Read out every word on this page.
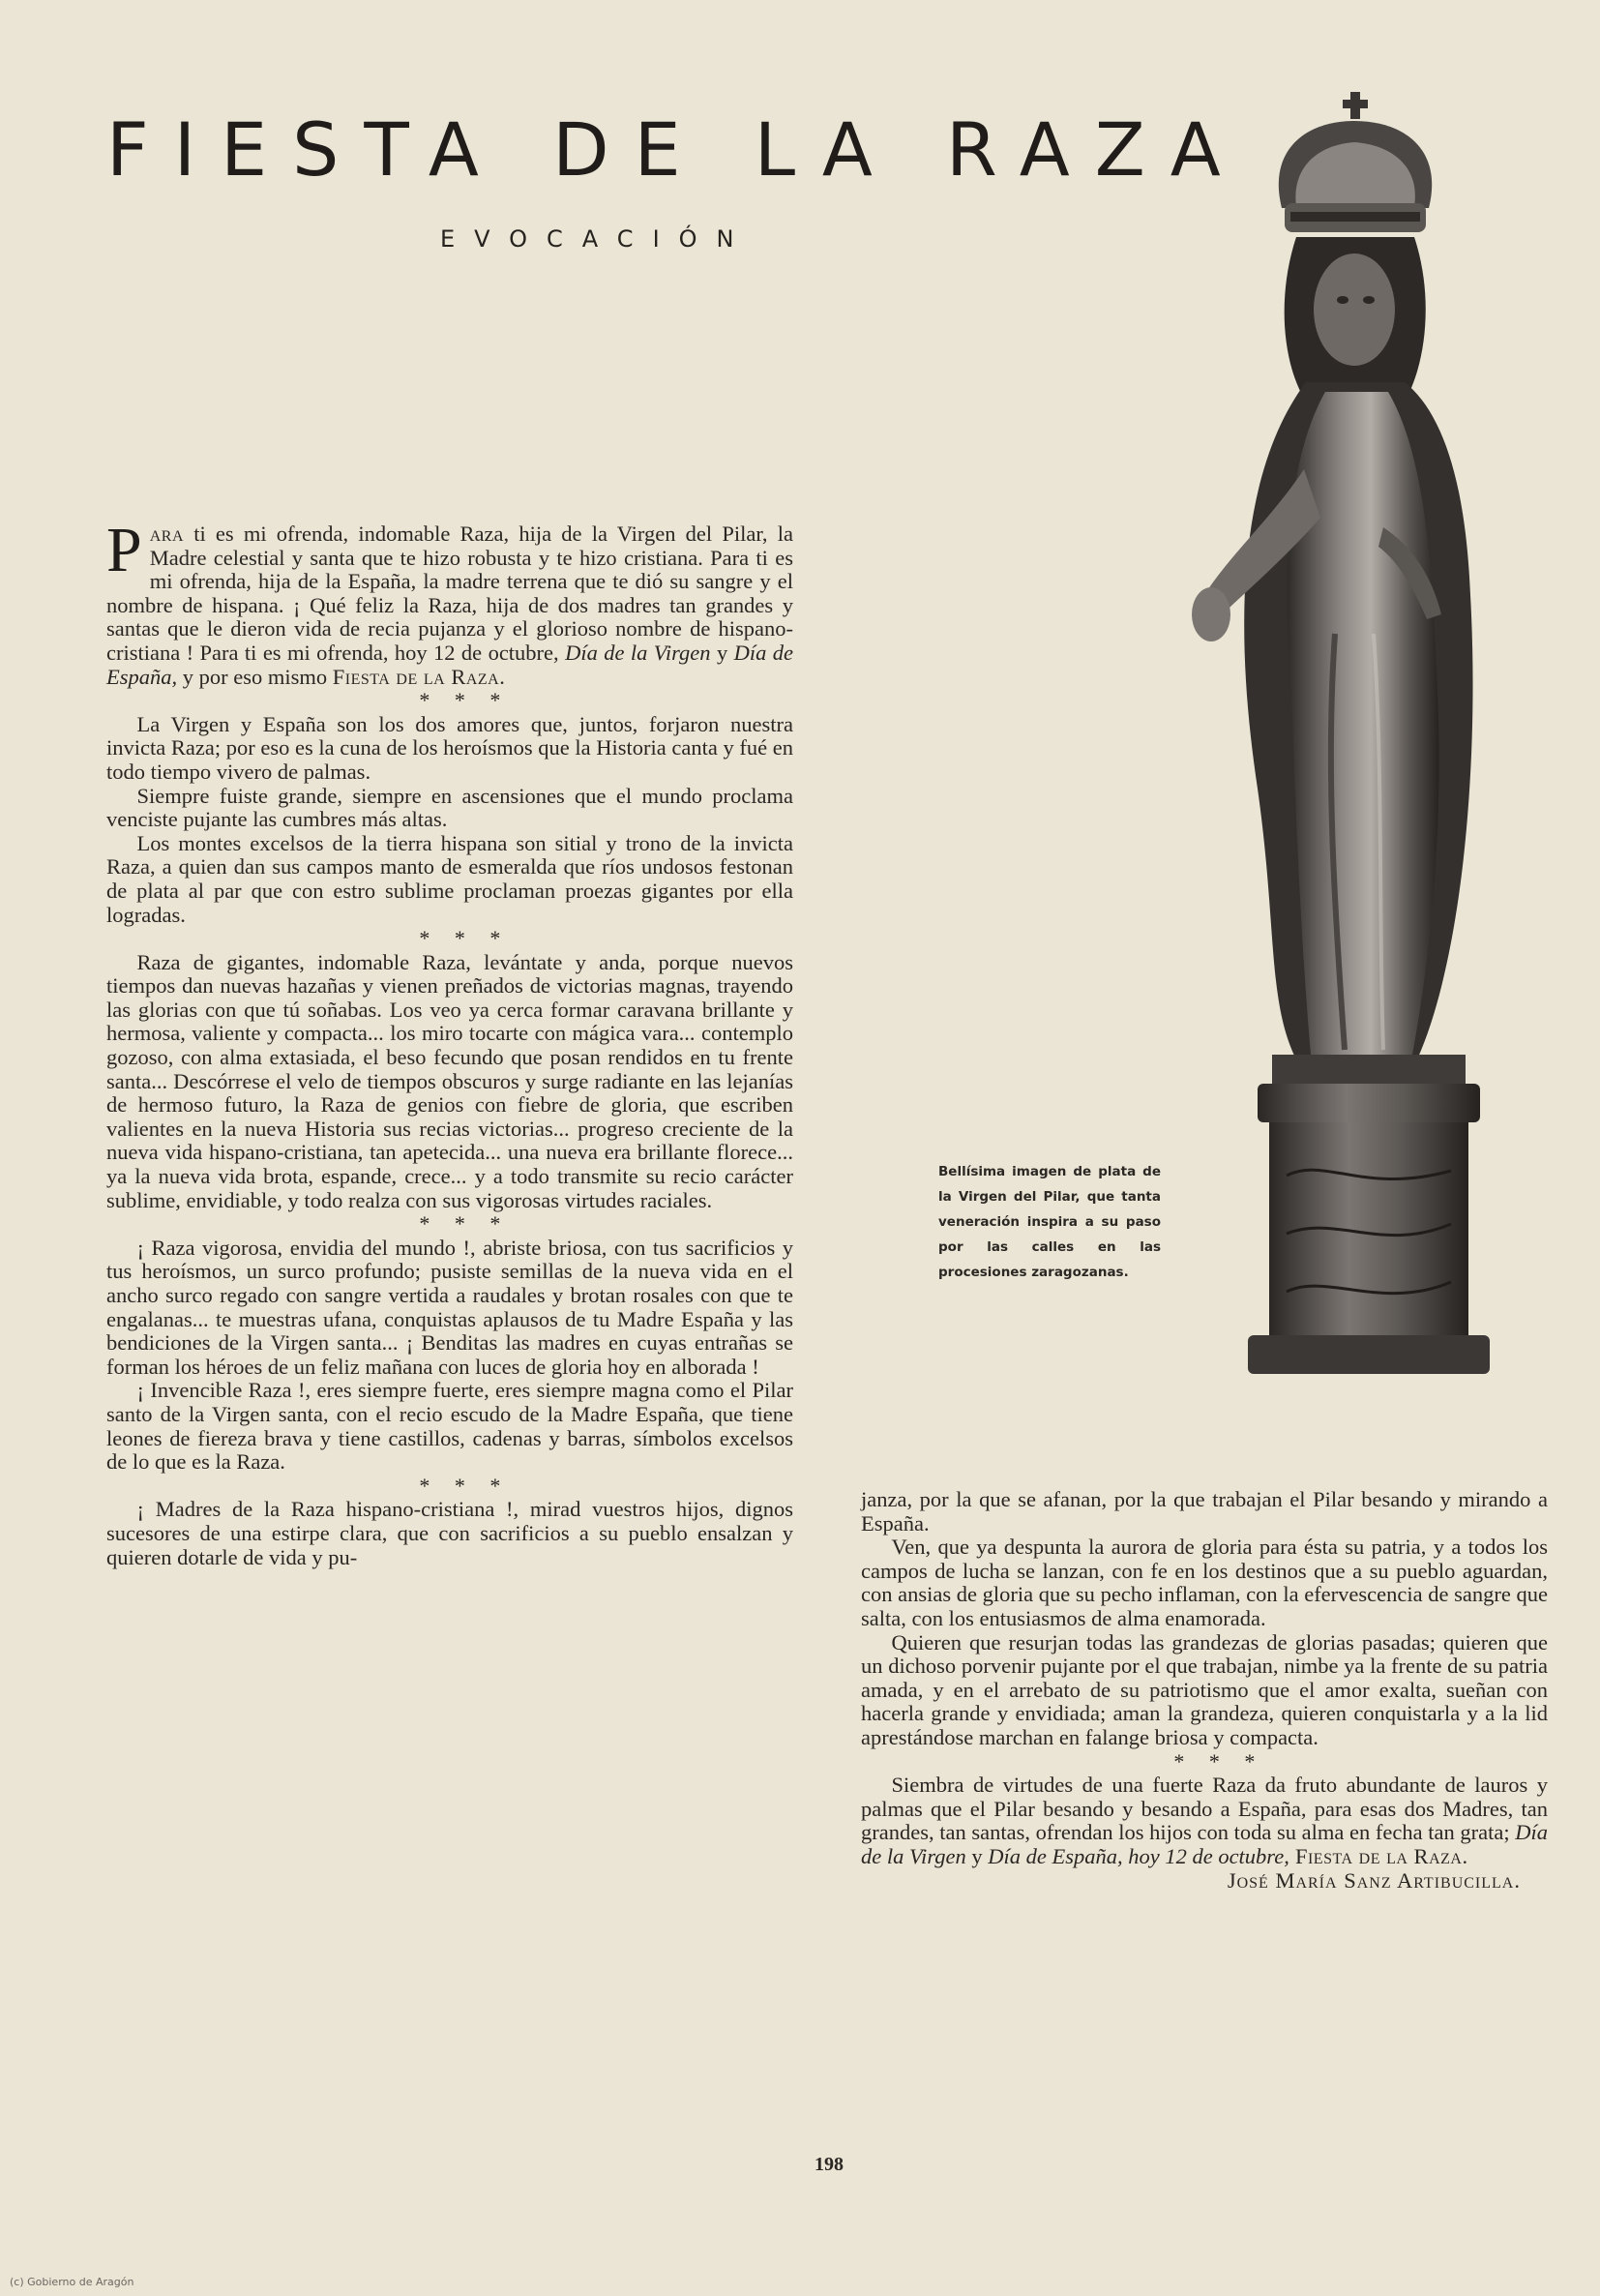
FIESTA DE LA RAZA
EVOCACIÓN
Bellísima imagen de plata de la Virgen del Pilar, que tanta veneración inspira a su paso por las calles en las procesiones zaragozanas.

Para ti es mi ofrenda, indomable Raza, hija de la Virgen del Pilar, la Madre celestial y santa que te hizo robusta y te hizo cristiana. Para ti es mi ofrenda, hija de la España, la madre terrena que te dió su sangre y el nombre de hispana. ¡ Qué feliz la Raza, hija de dos madres tan grandes y santas que le dieron vida de recia pujanza y el glorioso nombre de hispano-cristiana ! Para ti es mi ofrenda, hoy 12 de octubre, Día de la Virgen y Día de España, y por eso mismo Fiesta de la Raza.

* * *

La Virgen y España son los dos amores que, juntos, forjaron nuestra invicta Raza; por eso es la cuna de los heroísmos que la Historia canta y fué en todo tiempo vivero de palmas.

Siempre fuiste grande, siempre en ascensiones que el mundo proclama venciste pujante las cumbres más altas.

Los montes excelsos de la tierra hispana son sitial y trono de la invicta Raza, a quien dan sus campos manto de esmeralda que ríos undosos festonan de plata al par que con estro sublime proclaman proezas gigantes por ella logradas.

* * *

Raza de gigantes, indomable Raza, levántate y anda, porque nuevos tiempos dan nuevas hazañas y vienen preñados de victorias magnas, trayendo las glorias con que tú soñabas. Los veo ya cerca formar caravana brillante y hermosa, valiente y compacta... los miro tocarte con mágica vara... contemplo gozoso, con alma extasiada, el beso fecundo que posan rendidos en tu frente santa... Descórrese el velo de tiempos obscuros y surge radiante en las lejanías de hermoso futuro, la Raza de genios con fiebre de gloria, que escriben valientes en la nueva Historia sus recias victorias... progreso creciente de la nueva vida hispano-cristiana, tan apetecida... una nueva era brillante florece... ya la nueva vida brota, espande, crece... y a todo transmite su recio carácter sublime, envidiable, y todo realza con sus vigorosas virtudes raciales.

* * *

¡ Raza vigorosa, envidia del mundo !, abriste briosa, con tus sacrificios y tus heroísmos, un surco profundo; pusiste semillas de la nueva vida en el ancho surco regado con sangre vertida a raudales y brotan rosales con que te engalanas... te muestras ufana, conquistas aplausos de tu Madre España y las bendiciones de la Virgen santa... ¡ Benditas las madres en cuyas entrañas se forman los héroes de un feliz mañana con luces de gloria hoy en alborada !

¡ Invencible Raza !, eres siempre fuerte, eres siempre magna como el Pilar santo de la Virgen santa, con el recio escudo de la Madre España, que tiene leones de fiereza brava y tiene castillos, cadenas y barras, símbolos excelsos de lo que es la Raza.

* * *

¡ Madres de la Raza hispano-cristiana !, mirad vuestros hijos, dignos sucesores de una estirpe clara, que con sacrificios a su pueblo ensalzan y quieren dotarle de vida y pu-

janza, por la que se afanan, por la que trabajan el Pilar besando y mirando a España.

Ven, que ya despunta la aurora de gloria para ésta su patria, y a todos los campos de lucha se lanzan, con fe en los destinos que a su pueblo aguardan, con ansias de gloria que su pecho inflaman, con la efervescencia de sangre que salta, con los entusiasmos de alma enamorada.

Quieren que resurjan todas las grandezas de glorias pasadas; quieren que un dichoso porvenir pujante por el que trabajan, nimbe ya la frente de su patria amada, y en el arrebato de su patriotismo que el amor exalta, sueñan con hacerla grande y envidiada; aman la grandeza, quieren conquistarla y a la lid aprestándose marchan en falange briosa y compacta.

* * *

Siembra de virtudes de una fuerte Raza da fruto abundante de lauros y palmas que el Pilar besando y besando a España, para esas dos Madres, tan grandes, tan santas, ofrendan los hijos con toda su alma en fecha tan grata; Día de la Virgen y Día de España, hoy 12 de octubre, Fiesta de la Raza.

José María Sanz Artibucilla.

198
(c) Gobierno de Aragón
